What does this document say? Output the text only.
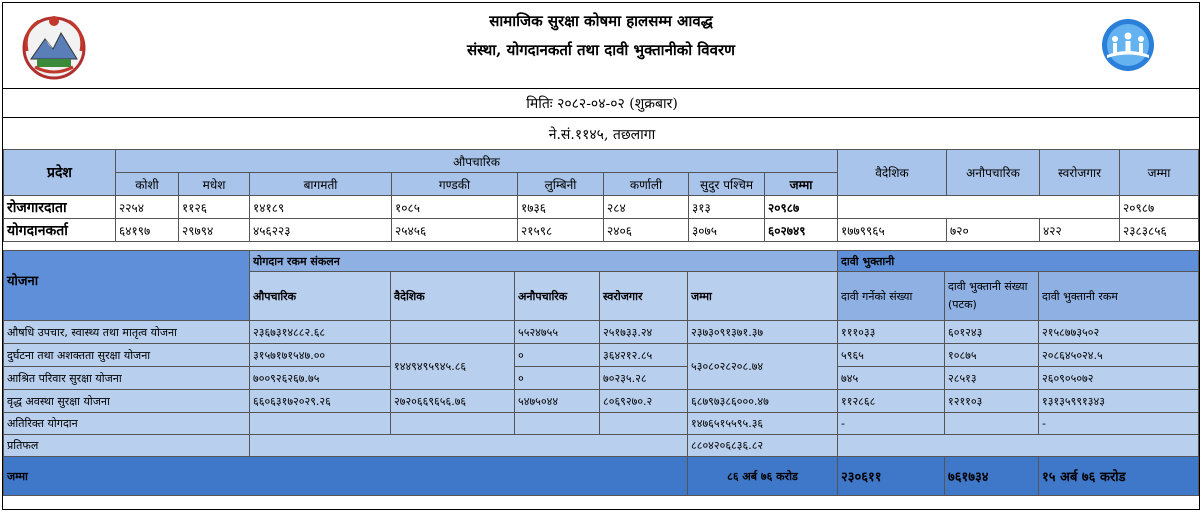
सामाजिक सुरक्षा कोषमा हालसम्म आवद्ध
संस्था, योगदानकर्ता तथा दावी भुक्तानीको विवरण
मितिः २०८२-०४-०२ (शुक्रबार)
ने.सं.११४५, तछलागा
प्रदेश	औपचारिक								वैदेशिक	अनौपचारिक	स्वरोजगार	जम्मा
	कोशी	मधेश	बागमती	गण्डकी	लुम्बिनी	कर्णाली	सुदुर पश्चिम	जम्मा				
रोजगारदाता	२२५४	११२६	१४१८९	१०८५	१७३६	२८४	३१३	२०९८७				२०९८७
योगदानकर्ता	६४१९७	२९७९४	४५६२२३	२५४५६	२१५९८	२४०६	३०७५	६०२७४९	१७७९९६५	७२०	४२२	२३८३८५६
योजना	योगदान रकम संकलन					दावी भुक्तानी		
	औपचारिक	वैदेशिक	अनौपचारिक	स्वरोजगार	जम्मा	दावी गर्नेको संख्या	दावी भुक्तानी संख्या (पटक)	दावी भुक्तानी रकम
औषधि उपचार, स्वास्थ्य तथा मातृत्व योजना	२३६७३१४८८२.६८		५५२४७५५	२५१७३३.२४	२३७३०९१३७१.३७	१११०३३	६०१२४३	२१५८७७३५०२
दुर्घटना तथा अशक्तता सुरक्षा योजना	३१५७१७१५४७.००	१४४९४९५९४५.८६	०	३६४२१२.८५	५३०८०२८२०८.७४	५९६५	१०८७५	२०८६४५०२४.५
आश्रित परिवार सुरक्षा योजना	७००९२६२६७.७५		०	७०२३५.२८		७४५	२८५१३	२६०९०५०७२
वृद्ध अवस्था सुरक्षा योजना	६६०६३१७२०२९.२६	२७२०६६९६५६.७६	५४७५०४४	८०६९२७०.२	६८७९७३८६०००.४७	११२८६८	१२११०३	१३१३५९९१३४३
अतिरिक्त योगदान					१४७६५१५५९५.३६	-		-
प्रतिफल					८८०४२०६८३६.८२			
जम्मा					८६ अर्ब ७६ करोड	२३०६११	७६१७३४	१५ अर्ब ७६ करोड
